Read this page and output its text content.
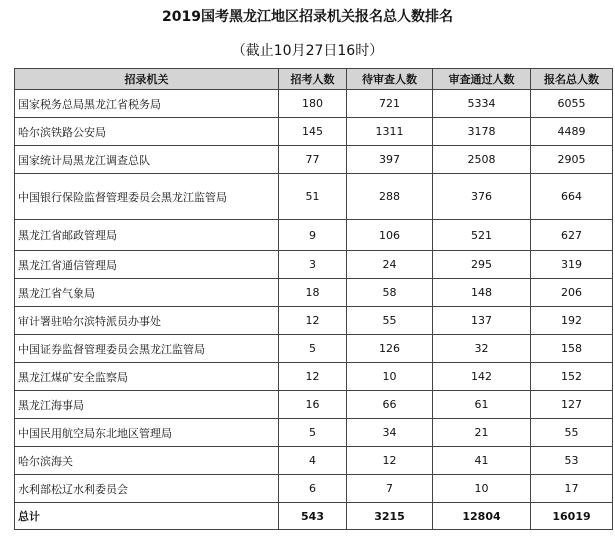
2019国考黑龙江地区招录机关报名总人数排名
（截止10月27日16时）
招录机关	招考人数	待审查人数	审查通过人数	报名总人数
国家税务总局黑龙江省税务局	180	721	5334	6055
哈尔滨铁路公安局	145	1311	3178	4489
国家统计局黑龙江调查总队	77	397	2508	2905
中国银行保险监督管理委员会黑龙江监管局	51	288	376	664
黑龙江省邮政管理局	9	106	521	627
黑龙江省通信管理局	3	24	295	319
黑龙江省气象局	18	58	148	206
审计署驻哈尔滨特派员办事处	12	55	137	192
中国证券监督管理委员会黑龙江监管局	5	126	32	158
黑龙江煤矿安全监察局	12	10	142	152
黑龙江海事局	16	66	61	127
中国民用航空局东北地区管理局	5	34	21	55
哈尔滨海关	4	12	41	53
水利部松辽水利委员会	6	7	10	17
总计	543	3215	12804	16019
